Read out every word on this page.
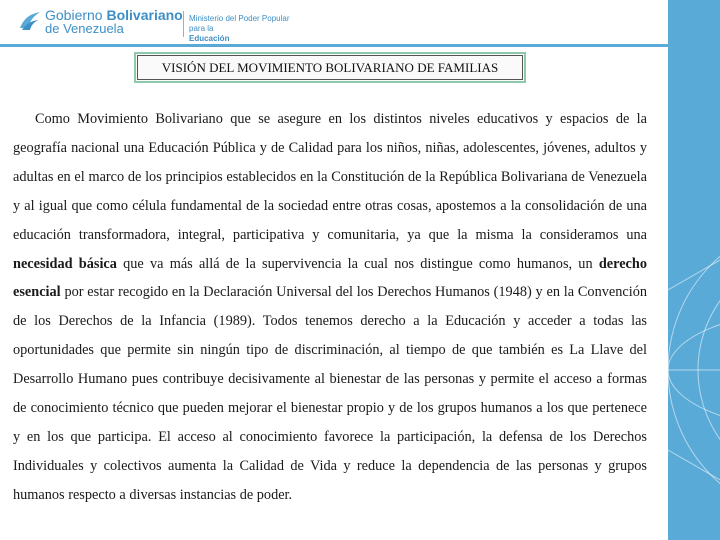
Gobierno Bolivariano
de Venezuela
Ministerio del Poder Popular
para la
Educación
VISIÓN DEL MOVIMIENTO BOLIVARIANO DE FAMILIAS

Como Movimiento Bolivariano que se asegure en los distintos niveles educativos y espacios de la geografía nacional una Educación Pública y de Calidad para los niños, niñas, adolescentes, jóvenes, adultos y adultas en el marco de los principios establecidos en la Constitución de la República Bolivariana de Venezuela y al igual que como célula fundamental de la sociedad entre otras cosas, apostemos a la consolidación de una educación transformadora, integral, participativa y comunitaria, ya que la misma la consideramos una necesidad básica que va más allá de la supervivencia la cual nos distingue como humanos, un derecho esencial por estar recogido en la Declaración Universal del los Derechos Humanos (1948) y en la Convención de los Derechos de la Infancia (1989). Todos tenemos derecho a la Educación y acceder a todas las oportunidades que permite sin ningún tipo de discriminación, al tiempo de que también es La Llave del Desarrollo Humano pues contribuye decisivamente al bienestar de las personas y permite el acceso a formas de conocimiento técnico que pueden mejorar el bienestar propio y de los grupos humanos a los que pertenece y en los que participa. El acceso al conocimiento favorece la participación, la defensa de los Derechos Individuales y colectivos aumenta la Calidad de Vida y reduce la dependencia de las personas y grupos humanos respecto a diversas instancias de poder.
